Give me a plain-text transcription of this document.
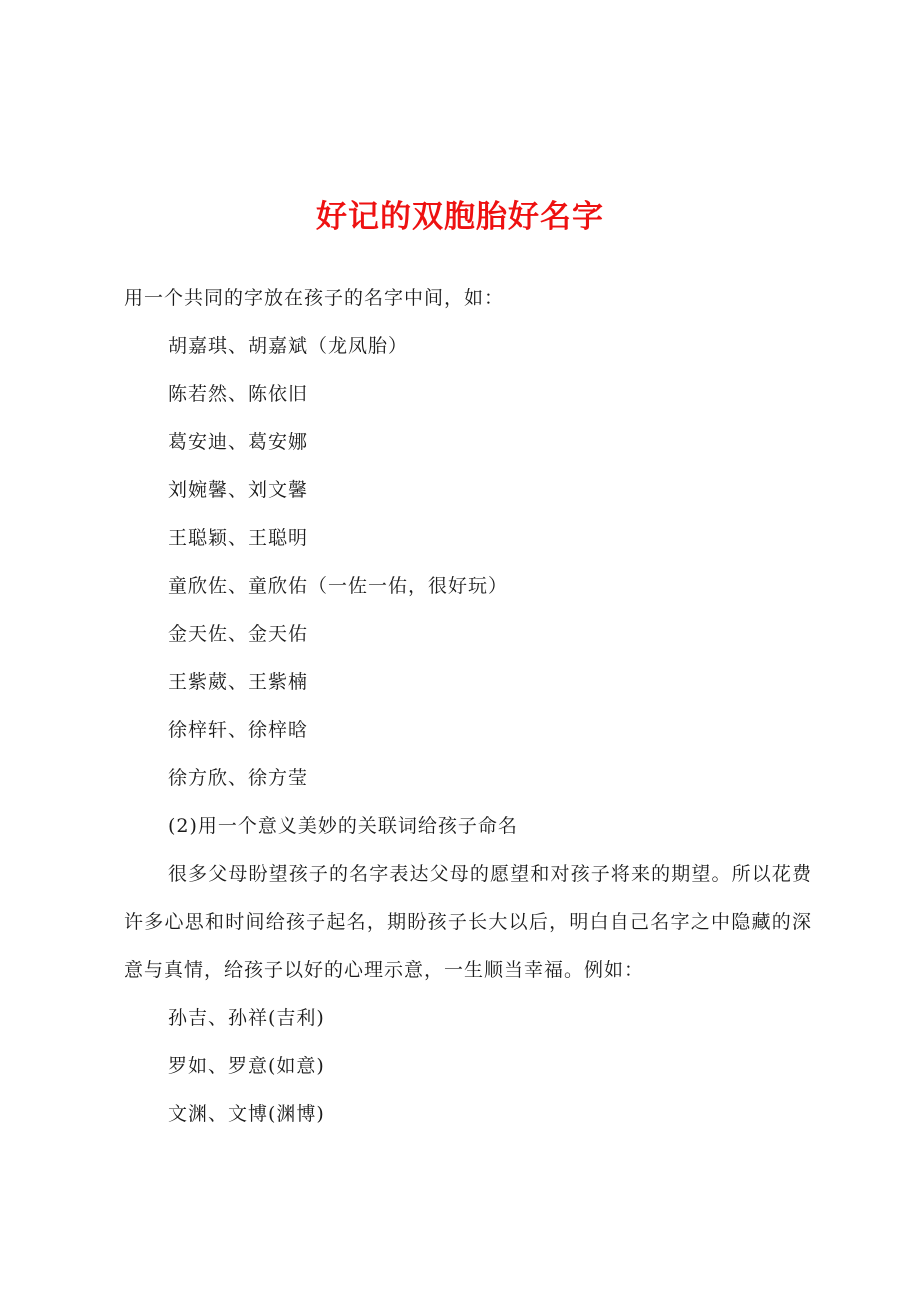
好记的双胞胎好名字
用一个共同的字放在孩子的名字中间，如：
胡嘉琪、胡嘉斌（龙凤胎）
陈若然、陈依旧
葛安迪、葛安娜
刘婉馨、刘文馨
王聪颖、王聪明
童欣佐、童欣佑（一佐一佑，很好玩）
金天佐、金天佑
王紫葳、王紫楠
徐梓轩、徐梓晗
徐方欣、徐方莹
(2)用一个意义美妙的关联词给孩子命名

很多父母盼望孩子的名字表达父母的愿望和对孩子将来的期望。所以花费许多心思和时间给孩子起名，期盼孩子长大以后，明白自己名字之中隐藏的深意与真情，给孩子以好的心理示意，一生顺当幸福。例如：

孙吉、孙祥(吉利)
罗如、罗意(如意)
文渊、文博(渊博)
